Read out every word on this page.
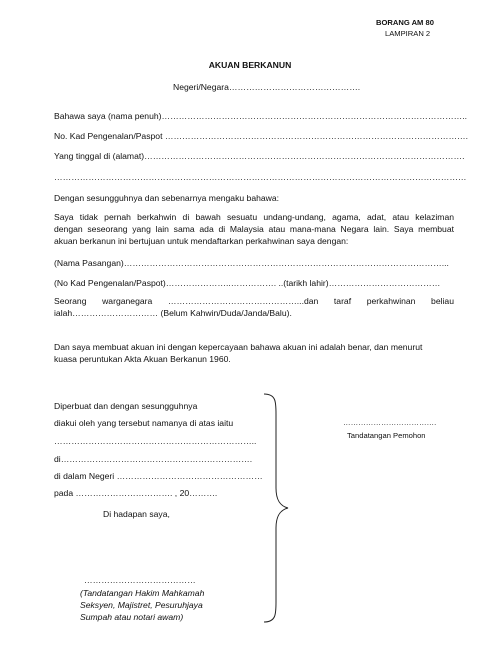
BORANG AM 80
LAMPIRAN 2
AKUAN BERKANUN
Negeri/Negara……………………………………….
Bahawa saya (nama penuh)……………………………………………………………………………………………..
No. Kad Pengenalan/Paspot …………………………………………………………………………………………….
Yang tinggal di (alamat)………………………………………………………………………………………………….
………………………………………………………………………………………………………………………………
Dengan sesungguhnya dan sebenarnya mengaku bahawa:
Saya tidak pernah berkahwin di bawah sesuatu undang-undang, agama, adat, atau kelaziman
dengan seseorang yang lain sama ada di Malaysia atau mana-mana Negara lain. Saya membuat
akuan berkanun ini bertujuan untuk mendaftarkan perkahwinan saya dengan:
(Nama Pasangan)…………………………………………………………………………………………………...
(No Kad Pengenalan/Paspot)…………………..……………. ..(tarikh lahir)…………………………………
Seorang warganegara ………………………………………...dan taraf perkahwinan beliau
ialah………………………… (Belum Kahwin/Duda/Janda/Balu).
Dan saya membuat akuan ini dengan kepercayaan bahawa akuan ini adalah benar, dan menurut
kuasa peruntukan Akta Akuan Berkanun 1960.
Diperbuat dan dengan sesungguhnya
diakui oleh yang tersebut namanya di atas iaitu
……………………………………………………………..
di………………………………………………………….
di dalam Negeri ……………………………………………
pada ……………………………. , 20……….
Di hadapan saya,
…………………………………
(Tandatangan Hakim Mahkamah
Seksyen, Majistret, Pesuruhjaya
Sumpah atau notari awam)
……………………………….
Tandatangan Pemohon
